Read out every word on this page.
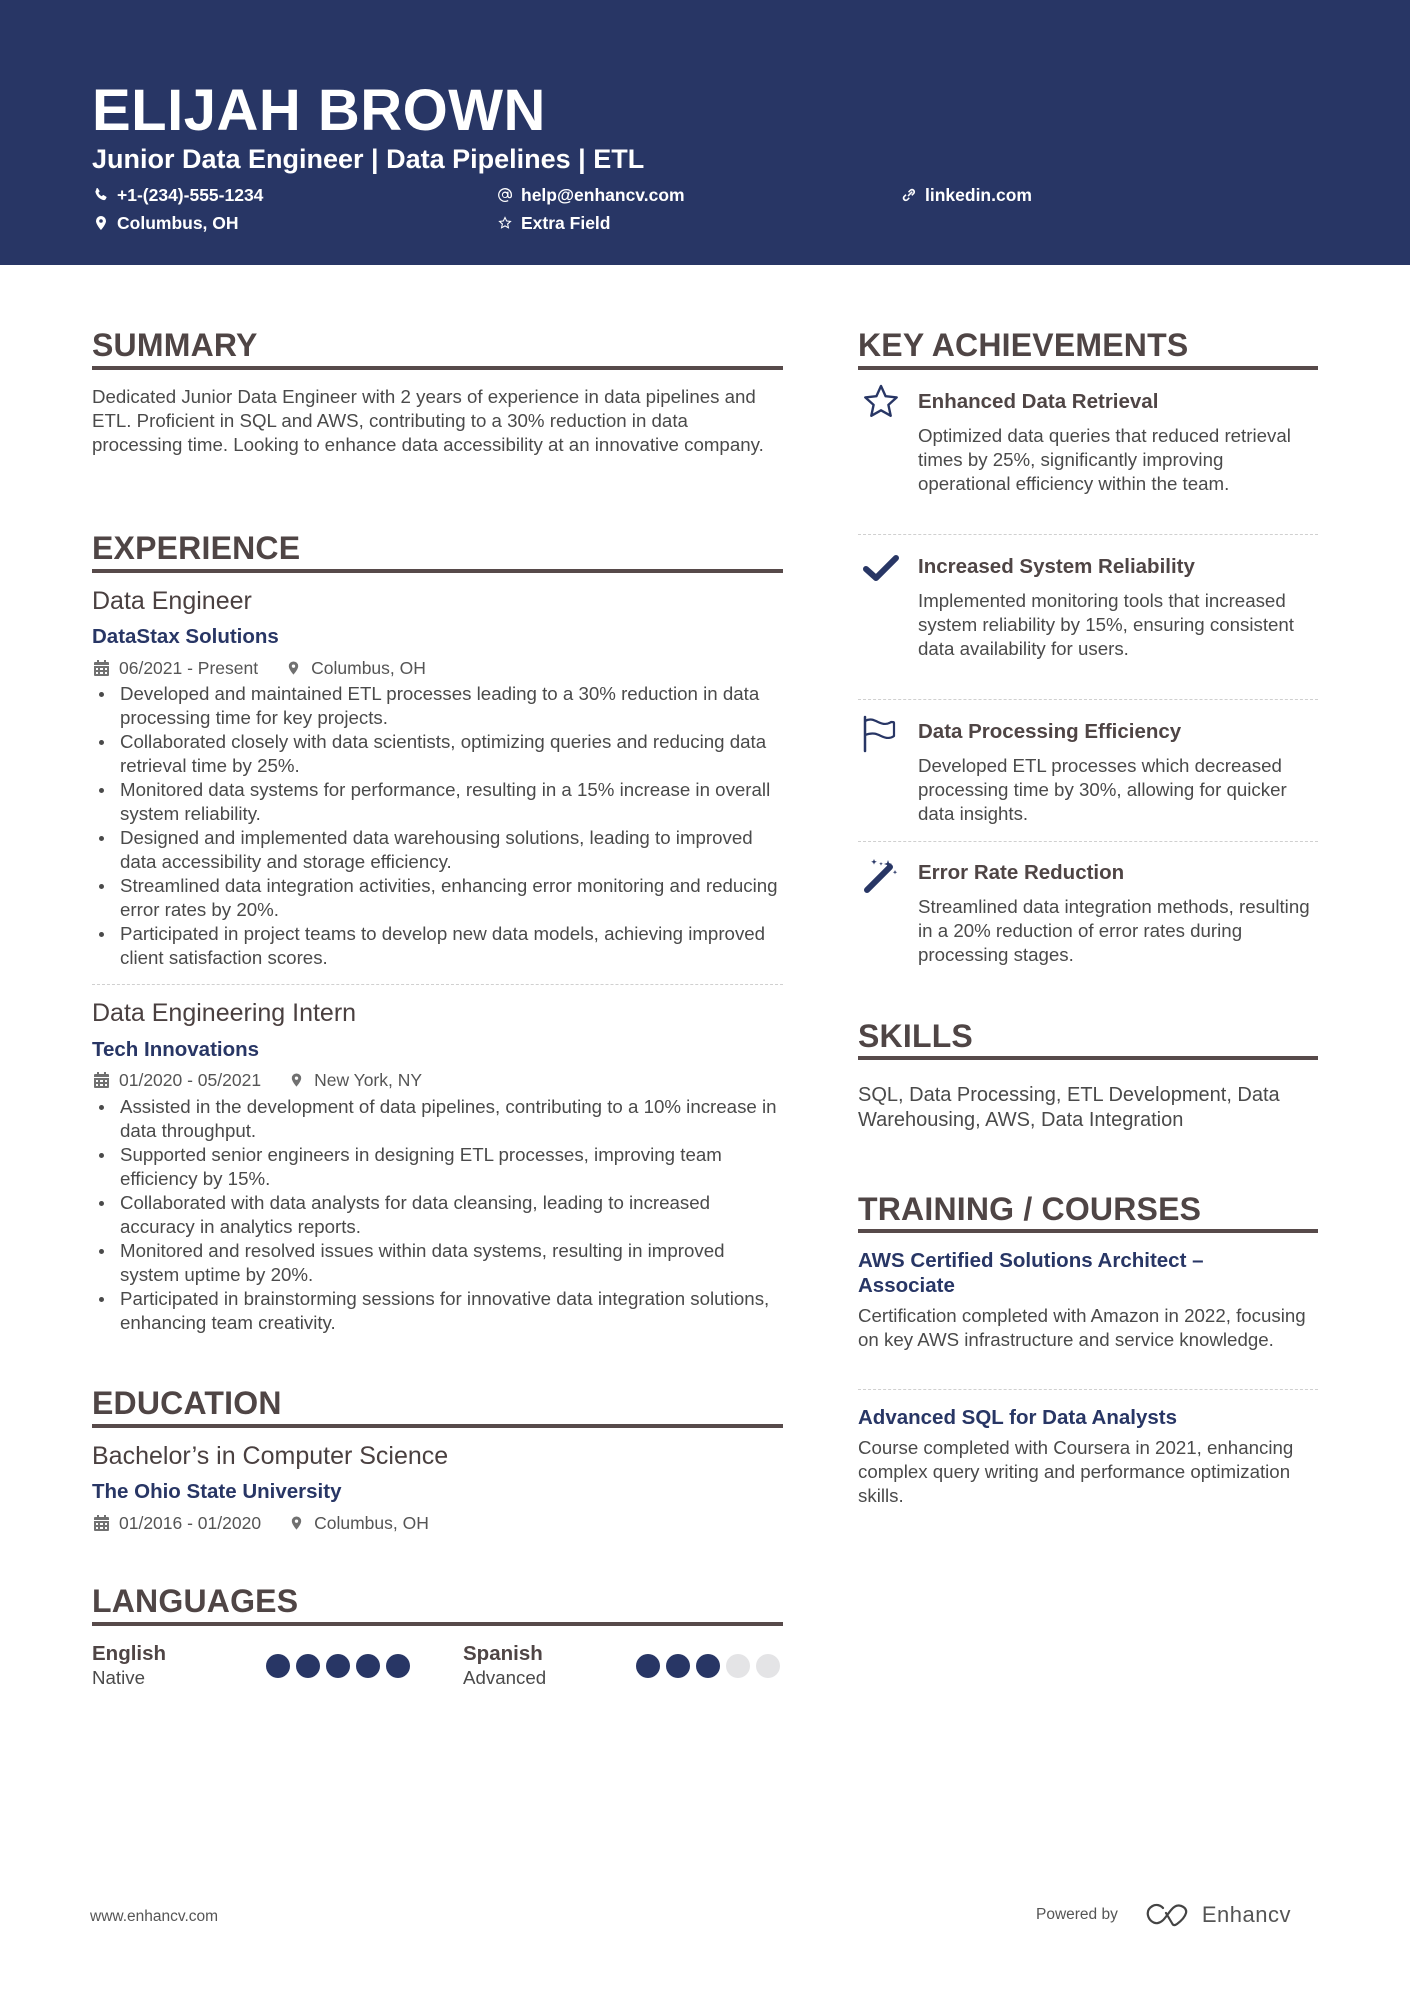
ELIJAH BROWN
Junior Data Engineer | Data Pipelines | ETL
+1-(234)-555-1234	help@enhancv.com	linkedin.com
Columbus, OH	Extra Field
SUMMARY
Dedicated Junior Data Engineer with 2 years of experience in data pipelines and ETL. Proficient in SQL and AWS, contributing to a 30% reduction in data processing time. Looking to enhance data accessibility at an innovative company.
EXPERIENCE
Data Engineer
DataStax Solutions
06/2021 - Present	Columbus, OH
Developed and maintained ETL processes leading to a 30% reduction in data processing time for key projects.
Collaborated closely with data scientists, optimizing queries and reducing data retrieval time by 25%.
Monitored data systems for performance, resulting in a 15% increase in overall system reliability.
Designed and implemented data warehousing solutions, leading to improved data accessibility and storage efficiency.
Streamlined data integration activities, enhancing error monitoring and reducing error rates by 20%.
Participated in project teams to develop new data models, achieving improved client satisfaction scores.
Data Engineering Intern
Tech Innovations
01/2020 - 05/2021	New York, NY
Assisted in the development of data pipelines, contributing to a 10% increase in data throughput.
Supported senior engineers in designing ETL processes, improving team efficiency by 15%.
Collaborated with data analysts for data cleansing, leading to increased accuracy in analytics reports.
Monitored and resolved issues within data systems, resulting in improved system uptime by 20%.
Participated in brainstorming sessions for innovative data integration solutions, enhancing team creativity.
EDUCATION
Bachelor’s in Computer Science
The Ohio State University
01/2016 - 01/2020	Columbus, OH
LANGUAGES
English
Native
Spanish
Advanced
KEY ACHIEVEMENTS
Enhanced Data Retrieval
Optimized data queries that reduced retrieval times by 25%, significantly improving operational efficiency within the team.
Increased System Reliability
Implemented monitoring tools that increased system reliability by 15%, ensuring consistent data availability for users.
Data Processing Efficiency
Developed ETL processes which decreased processing time by 30%, allowing for quicker data insights.
Error Rate Reduction
Streamlined data integration methods, resulting in a 20% reduction of error rates during processing stages.
SKILLS
SQL, Data Processing, ETL Development, Data Warehousing, AWS, Data Integration
TRAINING / COURSES
AWS Certified Solutions Architect – Associate
Certification completed with Amazon in 2022, focusing on key AWS infrastructure and service knowledge.
Advanced SQL for Data Analysts
Course completed with Coursera in 2021, enhancing complex query writing and performance optimization skills.
www.enhancv.com	Powered by	Enhancv
